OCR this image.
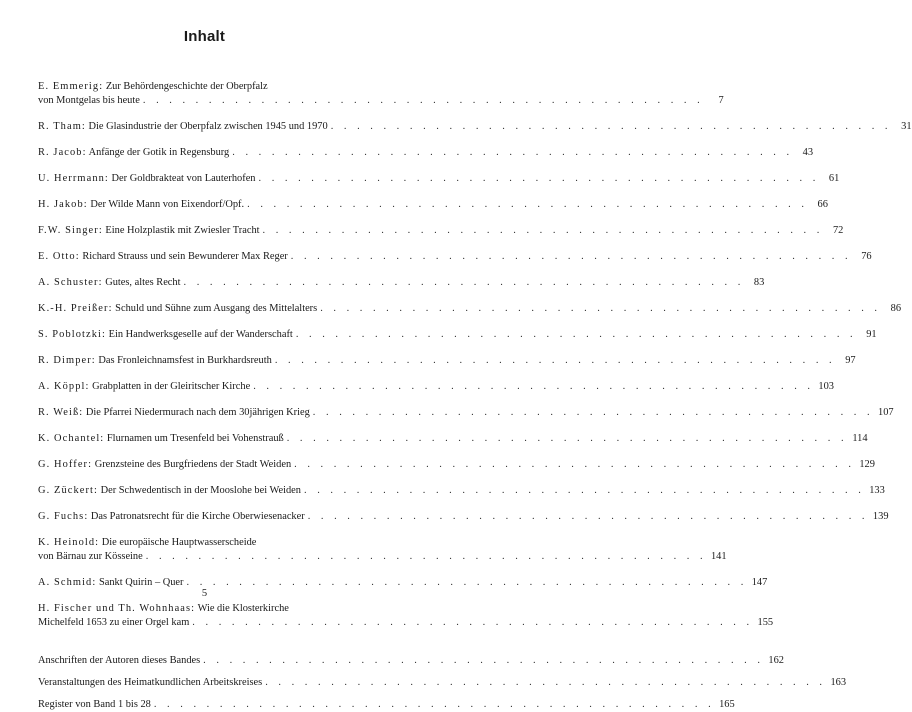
Inhalt
E. Emmerig: Zur Behördengeschichte der Oberpfalz
von Montgelas bis heute . . . . . . . . . . . . . . . . . . . . . . . . . . . . . . . . . . . . . . . . . . .	7
R. Tham: Die Glasindustrie der Oberpfalz zwischen 1945 und 1970 . . . . . . . . . . . . . . . . . . . . . . . . . . . . . . . . . . . . . . . . . . . 31
R. Jacob: Anfänge der Gotik in Regensburg . . . . . . . . . . . . . . . . . . . . . . . . . . . . . . . . . . . . . . . . . . . 43
U. Herrmann: Der Goldbrakteat von Lauterhofen . . . . . . . . . . . . . . . . . . . . . . . . . . . . . . . . . . . . . . . . . . . 61
H. Jakob: Der Wilde Mann von Eixendorf/Opf. . . . . . . . . . . . . . . . . . . . . . . . . . . . . . . . . . . . . . . . . . . . 66
F.W. Singer: Eine Holzplastik mit Zwiesler Tracht . . . . . . . . . . . . . . . . . . . . . . . . . . . . . . . . . . . . . . . . . . . 72
E. Otto: Richard Strauss und sein Bewunderer Max Reger . . . . . . . . . . . . . . . . . . . . . . . . . . . . . . . . . . . . . . . . . . . 76
A. Schuster: Gutes, altes Recht . . . . . . . . . . . . . . . . . . . . . . . . . . . . . . . . . . . . . . . . . . . 83
K.-H. Preißer: Schuld und Sühne zum Ausgang des Mittelalters . . . . . . . . . . . . . . . . . . . . . . . . . . . . . . . . . . . . . . . . . . . 86
S. Poblotzki: Ein Handwerksgeselle auf der Wanderschaft . . . . . . . . . . . . . . . . . . . . . . . . . . . . . . . . . . . . . . . . . . . 91
R. Dimper: Das Fronleichnamsfest in Burkhardsreuth . . . . . . . . . . . . . . . . . . . . . . . . . . . . . . . . . . . . . . . . . . . 97
A. Köppl: Grabplatten in der Gleiritscher Kirche . . . . . . . . . . . . . . . . . . . . . . . . . . . . . . . . . . . . . . . . . . . 103
R. Weiß: Die Pfarrei Niedermurach nach dem 30jährigen Krieg . . . . . . . . . . . . . . . . . . . . . . . . . . . . . . . . . . . . . . . . . . . 107
K. Ochantel: Flurnamen um Tresenfeld bei Vohenstrauß . . . . . . . . . . . . . . . . . . . . . . . . . . . . . . . . . . . . . . . . . . . 114
G. Hoffer: Grenzsteine des Burgfriedens der Stadt Weiden . . . . . . . . . . . . . . . . . . . . . . . . . . . . . . . . . . . . . . . . . . . 129
G. Zückert: Der Schwedentisch in der Mooslohe bei Weiden . . . . . . . . . . . . . . . . . . . . . . . . . . . . . . . . . . . . . . . . . . . 133
G. Fuchs: Das Patronatsrecht für die Kirche Oberwiesenacker . . . . . . . . . . . . . . . . . . . . . . . . . . . . . . . . . . . . . . . . . . . 139
K. Heinold: Die europäische Hauptwasserscheide
von Bärnau zur Kösseine . . . . . . . . . . . . . . . . . . . . . . . . . . . . . . . . . . . . . . . . . . . 141
A. Schmid: Sankt Quirin – Quer . . . . . . . . . . . . . . . . . . . . . . . . . . . . . . . . . . . . . . . . . . . 147
H. Fischer und Th. Wohnhaas: Wie die Klosterkirche
Michelfeld 1653 zu einer Orgel kam . . . . . . . . . . . . . . . . . . . . . . . . . . . . . . . . . . . . . . . . . . . 155
Anschriften der Autoren dieses Bandes . . . . . . . . . . . . . . . . . . . . . . . . . . . . . . . . . . . . . . . . . . . 162
Veranstaltungen des Heimatkundlichen Arbeitskreises . . . . . . . . . . . . . . . . . . . . . . . . . . . . . . . . . . . . . . . . . . . 163
Register von Band 1 bis 28 . . . . . . . . . . . . . . . . . . . . . . . . . . . . . . . . . . . . . . . . . . . 165
5
